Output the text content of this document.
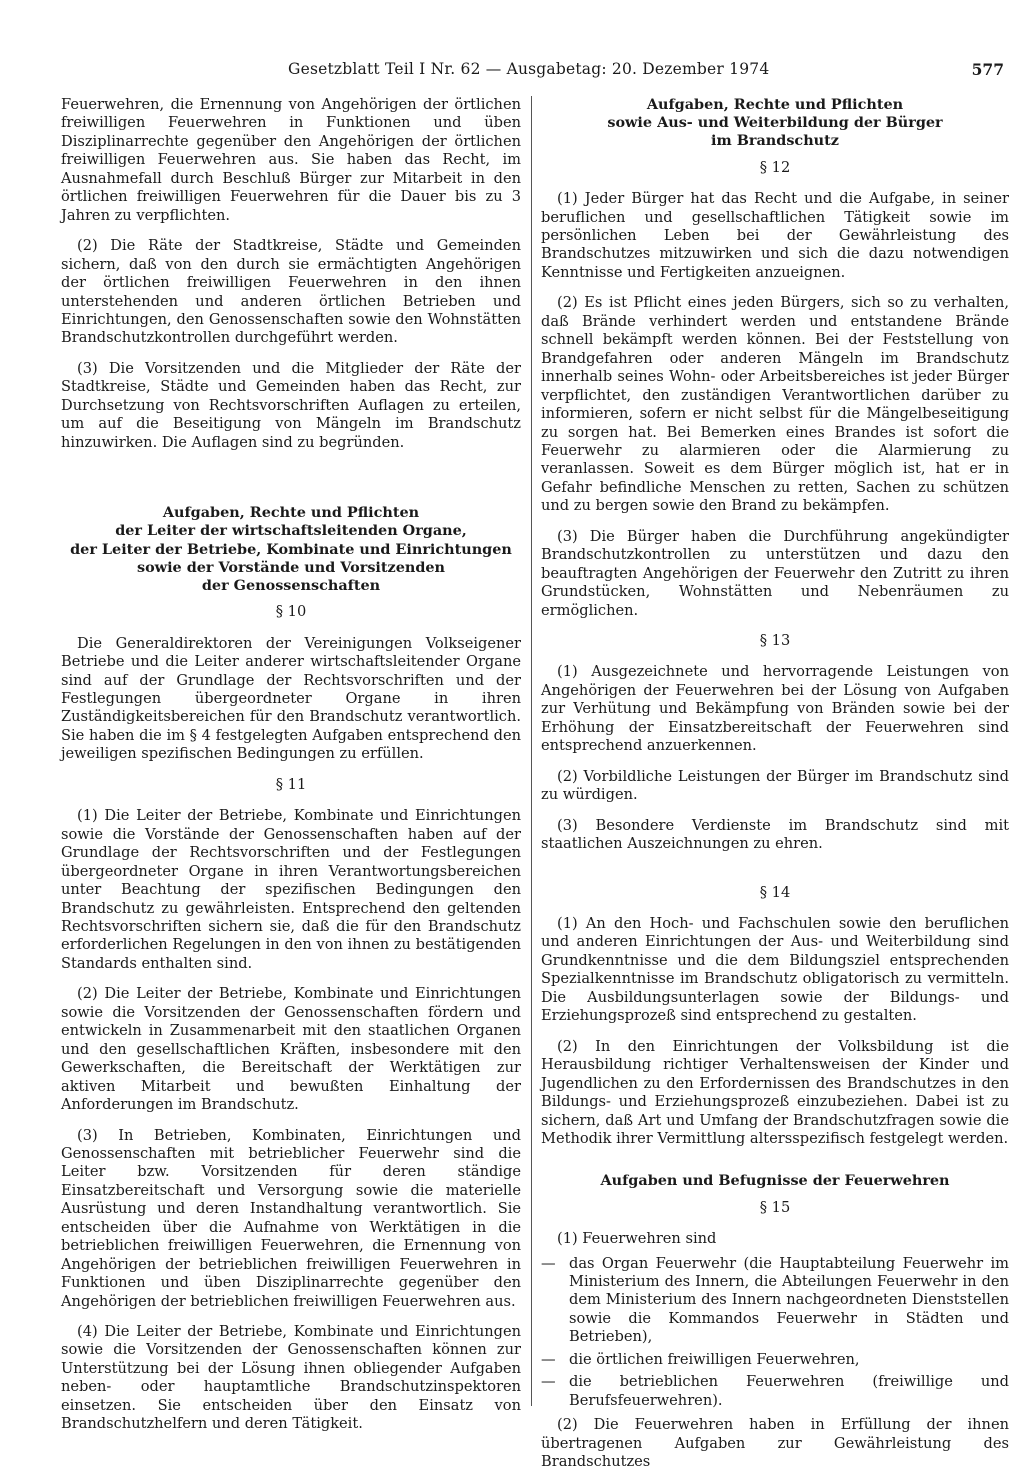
Gesetzblatt Teil I Nr. 62 — Ausgabetag: 20. Dezember 1974	577

Feuerwehren, die Ernennung von Angehörigen der örtlichen freiwilligen Feuerwehren in Funktionen und üben Disziplinarrechte gegenüber den Angehörigen der örtlichen freiwilligen Feuerwehren aus. Sie haben das Recht, im Ausnahmefall durch Beschluß Bürger zur Mitarbeit in den örtlichen freiwilligen Feuerwehren für die Dauer bis zu 3 Jahren zu verpflichten.

(2) Die Räte der Stadtkreise, Städte und Gemeinden sichern, daß von den durch sie ermächtigten Angehörigen der örtlichen freiwilligen Feuerwehren in den ihnen unterstehenden und anderen örtlichen Betrieben und Einrichtungen, den Genossenschaften sowie den Wohnstätten Brandschutzkontrollen durchgeführt werden.

(3) Die Vorsitzenden und die Mitglieder der Räte der Stadtkreise, Städte und Gemeinden haben das Recht, zur Durchsetzung von Rechtsvorschriften Auflagen zu erteilen, um auf die Beseitigung von Mängeln im Brandschutz hinzuwirken. Die Auflagen sind zu begründen.

Aufgaben, Rechte und Pflichten
der Leiter der wirtschaftsleitenden Organe,
der Leiter der Betriebe, Kombinate und Einrichtungen
sowie der Vorstände und Vorsitzenden
der Genossenschaften
§ 10

Die Generaldirektoren der Vereinigungen Volkseigener Betriebe und die Leiter anderer wirtschaftsleitender Organe sind auf der Grundlage der Rechtsvorschriften und der Festlegungen übergeordneter Organe in ihren Zuständigkeitsbereichen für den Brandschutz verantwortlich. Sie haben die im § 4 festgelegten Aufgaben entsprechend den jeweiligen spezifischen Bedingungen zu erfüllen.

§ 11

(1) Die Leiter der Betriebe, Kombinate und Einrichtungen sowie die Vorstände der Genossenschaften haben auf der Grundlage der Rechtsvorschriften und der Festlegungen übergeordneter Organe in ihren Verantwortungsbereichen unter Beachtung der spezifischen Bedingungen den Brandschutz zu gewährleisten. Entsprechend den geltenden Rechtsvorschriften sichern sie, daß die für den Brandschutz erforderlichen Regelungen in den von ihnen zu bestätigenden Standards enthalten sind.

(2) Die Leiter der Betriebe, Kombinate und Einrichtungen sowie die Vorsitzenden der Genossenschaften fördern und entwickeln in Zusammenarbeit mit den staatlichen Organen und den gesellschaftlichen Kräften, insbesondere mit den Gewerkschaften, die Bereitschaft der Werktätigen zur aktiven Mitarbeit und bewußten Einhaltung der Anforderungen im Brandschutz.

(3) In Betrieben, Kombinaten, Einrichtungen und Genossenschaften mit betrieblicher Feuerwehr sind die Leiter bzw. Vorsitzenden für deren ständige Einsatzbereitschaft und Versorgung sowie die materielle Ausrüstung und deren Instandhaltung verantwortlich. Sie entscheiden über die Aufnahme von Werktätigen in die betrieblichen freiwilligen Feuerwehren, die Ernennung von Angehörigen der betrieblichen freiwilligen Feuerwehren in Funktionen und üben Disziplinarrechte gegenüber den Angehörigen der betrieblichen freiwilligen Feuerwehren aus.

(4) Die Leiter der Betriebe, Kombinate und Einrichtungen sowie die Vorsitzenden der Genossenschaften können zur Unterstützung bei der Lösung ihnen obliegender Aufgaben neben- oder hauptamtliche Brandschutzinspektoren einsetzen. Sie entscheiden über den Einsatz von Brandschutzhelfern und deren Tätigkeit.

Aufgaben, Rechte und Pflichten
sowie Aus- und Weiterbildung der Bürger
im Brandschutz
§ 12

(1) Jeder Bürger hat das Recht und die Aufgabe, in seiner beruflichen und gesellschaftlichen Tätigkeit sowie im persönlichen Leben bei der Gewährleistung des Brandschutzes mitzuwirken und sich die dazu notwendigen Kenntnisse und Fertigkeiten anzueignen.

(2) Es ist Pflicht eines jeden Bürgers, sich so zu verhalten, daß Brände verhindert werden und entstandene Brände schnell bekämpft werden können. Bei der Feststellung von Brandgefahren oder anderen Mängeln im Brandschutz innerhalb seines Wohn- oder Arbeitsbereiches ist jeder Bürger verpflichtet, den zuständigen Verantwortlichen darüber zu informieren, sofern er nicht selbst für die Mängelbeseitigung zu sorgen hat. Bei Bemerken eines Brandes ist sofort die Feuerwehr zu alarmieren oder die Alarmierung zu veranlassen. Soweit es dem Bürger möglich ist, hat er in Gefahr befindliche Menschen zu retten, Sachen zu schützen und zu bergen sowie den Brand zu bekämpfen.

(3) Die Bürger haben die Durchführung angekündigter Brandschutzkontrollen zu unterstützen und dazu den beauftragten Angehörigen der Feuerwehr den Zutritt zu ihren Grundstücken, Wohnstätten und Nebenräumen zu ermöglichen.

§ 13

(1) Ausgezeichnete und hervorragende Leistungen von Angehörigen der Feuerwehren bei der Lösung von Aufgaben zur Verhütung und Bekämpfung von Bränden sowie bei der Erhöhung der Einsatzbereitschaft der Feuerwehren sind entsprechend anzuerkennen.

(2) Vorbildliche Leistungen der Bürger im Brandschutz sind zu würdigen.

(3) Besondere Verdienste im Brandschutz sind mit staatlichen Auszeichnungen zu ehren.

§ 14

(1) An den Hoch- und Fachschulen sowie den beruflichen und anderen Einrichtungen der Aus- und Weiterbildung sind Grundkenntnisse und die dem Bildungsziel entsprechenden Spezialkenntnisse im Brandschutz obligatorisch zu vermitteln. Die Ausbildungsunterlagen sowie der Bildungs- und Erziehungsprozeß sind entsprechend zu gestalten.

(2) In den Einrichtungen der Volksbildung ist die Herausbildung richtiger Verhaltensweisen der Kinder und Jugendlichen zu den Erfordernissen des Brandschutzes in den Bildungs- und Erziehungsprozeß einzubeziehen. Dabei ist zu sichern, daß Art und Umfang der Brandschutzfragen sowie die Methodik ihrer Vermittlung altersspezifisch festgelegt werden.

Aufgaben und Befugnisse der Feuerwehren
§ 15

(1) Feuerwehren sind

— das Organ Feuerwehr (die Hauptabteilung Feuerwehr im Ministerium des Innern, die Abteilungen Feuerwehr in den dem Ministerium des Innern nachgeordneten Dienststellen sowie die Kommandos Feuerwehr in Städten und Betrieben),
— die örtlichen freiwilligen Feuerwehren,
— die betrieblichen Feuerwehren (freiwillige und Berufsfeuerwehren).

(2) Die Feuerwehren haben in Erfüllung der ihnen übertragenen Aufgaben zur Gewährleistung des Brandschutzes
